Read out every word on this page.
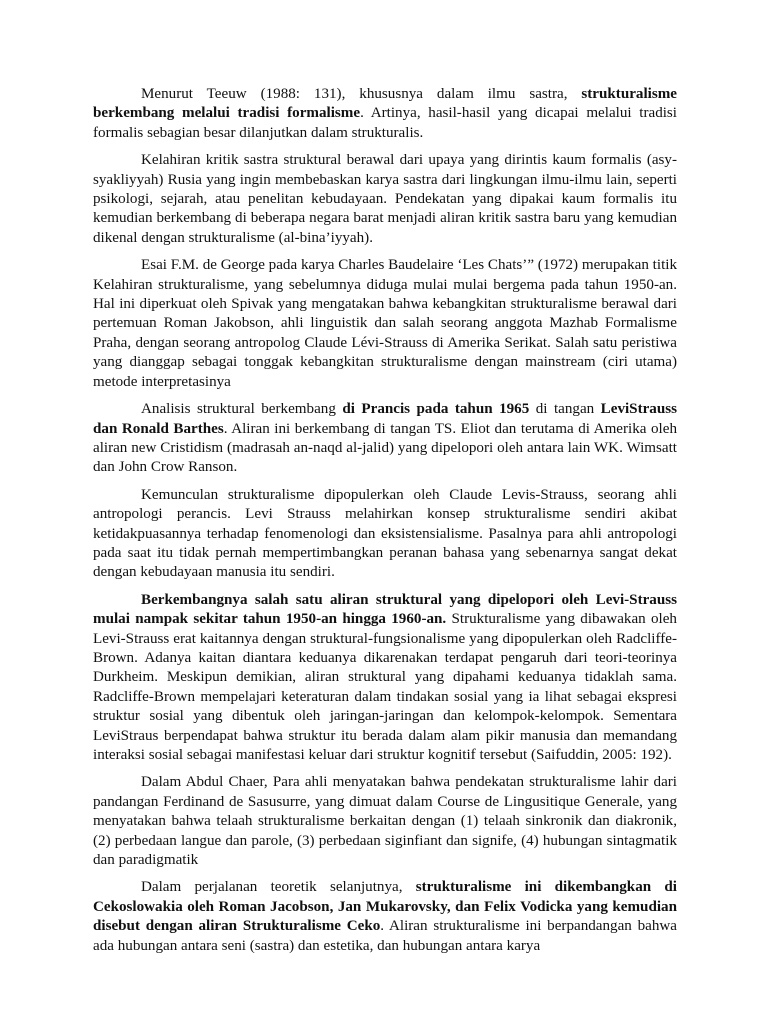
Menurut Teeuw (1988: 131), khususnya dalam ilmu sastra, strukturalisme berkembang melalui tradisi formalisme. Artinya, hasil-hasil yang dicapai melalui tradisi formalis sebagian besar dilanjutkan dalam strukturalis.

Kelahiran kritik sastra struktural berawal dari upaya yang dirintis kaum formalis (asy-syakliyyah) Rusia yang ingin membebaskan karya sastra dari lingkungan ilmu-ilmu lain, seperti psikologi, sejarah, atau penelitan kebudayaan. Pendekatan yang dipakai kaum formalis itu kemudian berkembang di beberapa negara barat menjadi aliran kritik sastra baru yang kemudian dikenal dengan strukturalisme (al-bina’iyyah).

Esai F.M. de George pada karya Charles Baudelaire ‘Les Chats’” (1972) merupakan titik Kelahiran strukturalisme, yang sebelumnya diduga mulai mulai bergema pada tahun 1950-an. Hal ini diperkuat oleh Spivak yang mengatakan bahwa kebangkitan strukturalisme berawal dari pertemuan Roman Jakobson, ahli linguistik dan salah seorang anggota Mazhab Formalisme Praha, dengan seorang antropolog Claude Lévi-Strauss di Amerika Serikat. Salah satu peristiwa yang dianggap sebagai tonggak kebangkitan strukturalisme dengan mainstream (ciri utama) metode interpretasinya

Analisis struktural berkembang di Prancis pada tahun 1965 di tangan LeviStrauss dan Ronald Barthes. Aliran ini berkembang di tangan TS. Eliot dan terutama di Amerika oleh aliran new Cristidism (madrasah an-naqd al-jalid) yang dipelopori oleh antara lain WK. Wimsatt dan John Crow Ranson.

Kemunculan strukturalisme dipopulerkan oleh Claude Levis-Strauss, seorang ahli antropologi perancis. Levi Strauss melahirkan konsep strukturalisme sendiri akibat ketidakpuasannya terhadap fenomenologi dan eksistensialisme. Pasalnya para ahli antropologi pada saat itu tidak pernah mempertimbangkan peranan bahasa yang sebenarnya sangat dekat dengan kebudayaan manusia itu sendiri.

Berkembangnya salah satu aliran struktural yang dipelopori oleh Levi-Strauss mulai nampak sekitar tahun 1950-an hingga 1960-an. Strukturalisme yang dibawakan oleh Levi-Strauss erat kaitannya dengan struktural-fungsionalisme yang dipopulerkan oleh Radcliffe-Brown. Adanya kaitan diantara keduanya dikarenakan terdapat pengaruh dari teori-teorinya Durkheim. Meskipun demikian, aliran struktural yang dipahami keduanya tidaklah sama. Radcliffe-Brown mempelajari keteraturan dalam tindakan sosial yang ia lihat sebagai ekspresi struktur sosial yang dibentuk oleh jaringan-jaringan dan kelompok-kelompok. Sementara LeviStraus berpendapat bahwa struktur itu berada dalam alam pikir manusia dan memandang interaksi sosial sebagai manifestasi keluar dari struktur kognitif tersebut (Saifuddin, 2005: 192).

Dalam Abdul Chaer, Para ahli menyatakan bahwa pendekatan strukturalisme lahir dari pandangan Ferdinand de Sasusurre, yang dimuat dalam Course de Lingusitique Generale, yang menyatakan bahwa telaah strukturalisme berkaitan dengan (1) telaah sinkronik dan diakronik, (2) perbedaan langue dan parole, (3) perbedaan siginfiant dan signife, (4) hubungan sintagmatik dan paradigmatik

Dalam perjalanan teoretik selanjutnya, strukturalisme ini dikembangkan di Cekoslowakia oleh Roman Jacobson, Jan Mukarovsky, dan Felix Vodicka yang kemudian disebut dengan aliran Strukturalisme Ceko. Aliran strukturalisme ini berpandangan bahwa ada hubungan antara seni (sastra) dan estetika, dan hubungan antara karya
